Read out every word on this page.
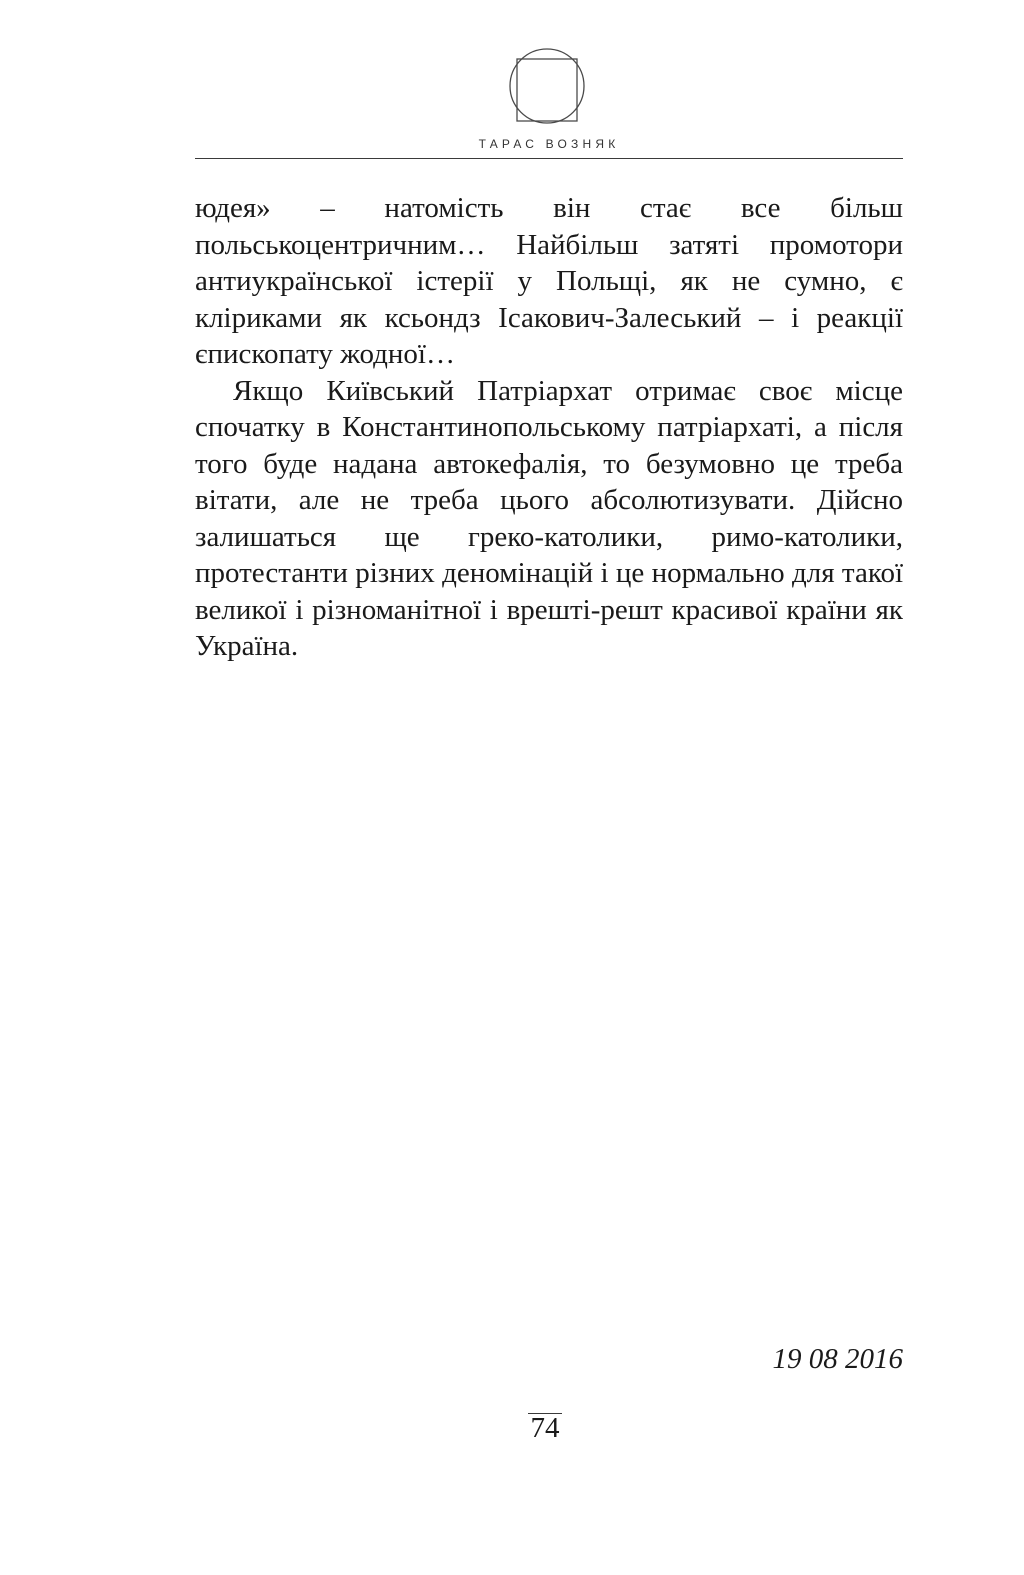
ТАРАС ВОЗНЯК

юдея» – натомість він стає все більш польськоцентричним… Найбільш затяті промотори антиукраїнської істерії у Польщі, як не сумно, є кліриками як ксьондз Ісакович-Залеський – і реакції єпископату жодної…

Якщо Київський Патріархат отримає своє місце спочатку в Константинопольському патріархаті, а після того буде надана автокефалія, то безумовно це треба вітати, але не треба цього абсолютизувати. Дійсно залишаться ще греко-католики, римо-католики, протестанти різних деномінацій і це нормально для такої великої і різноманітної і врешті-решт красивої країни як Україна.

19 08 2016
74
